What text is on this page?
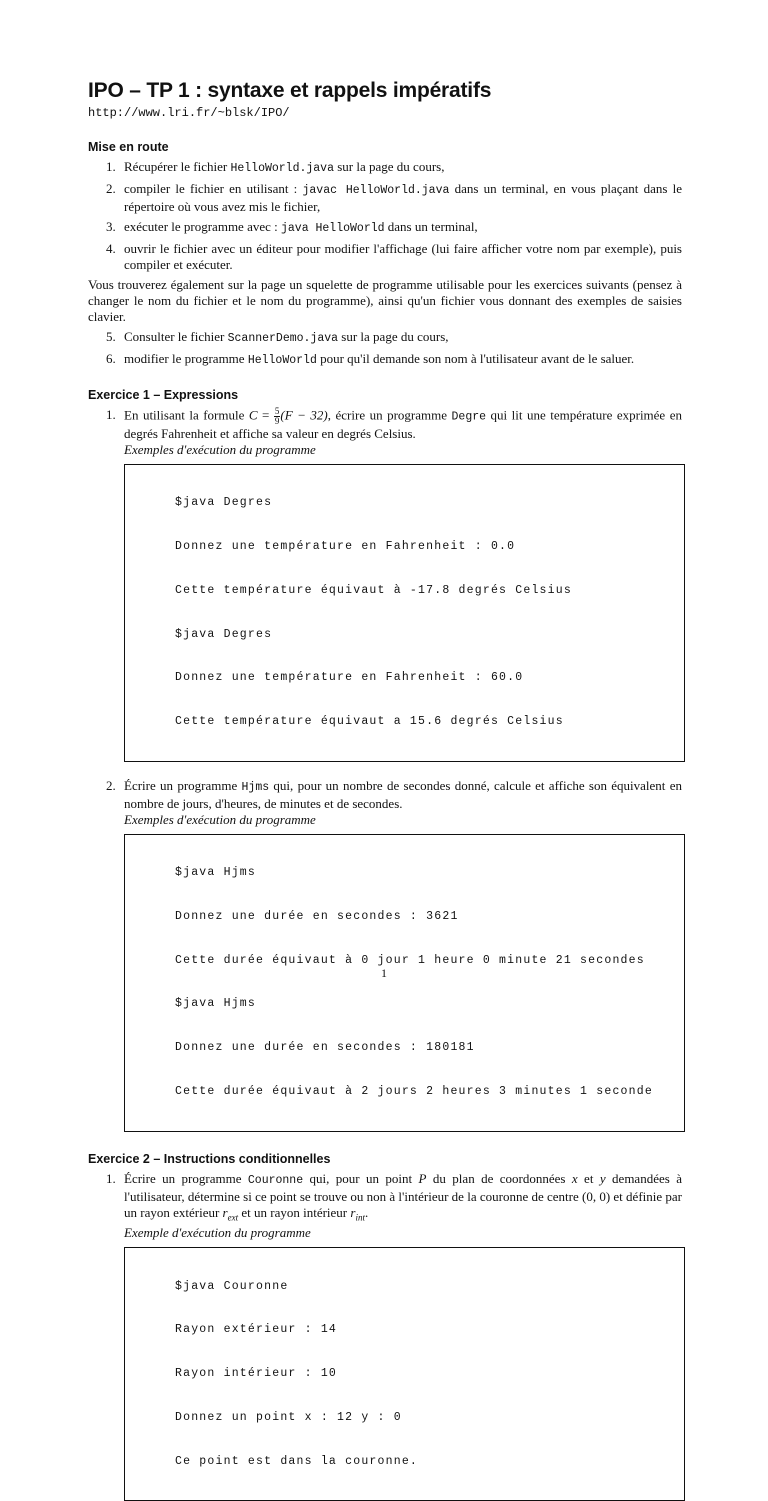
IPO – TP 1 : syntaxe et rappels impératifs
http://www.lri.fr/~blsk/IPO/
Mise en route
1. Récupérer le fichier HelloWorld.java sur la page du cours,
2. compiler le fichier en utilisant : javac HelloWorld.java dans un terminal, en vous plaçant dans le répertoire où vous avez mis le fichier,
3. exécuter le programme avec : java HelloWorld dans un terminal,
4. ouvrir le fichier avec un éditeur pour modifier l'affichage (lui faire afficher votre nom par exemple), puis compiler et exécuter.

Vous trouverez également sur la page un squelette de programme utilisable pour les exercices suivants (pensez à changer le nom du fichier et le nom du programme), ainsi qu'un fichier vous donnant des exemples de saisies clavier.

5. Consulter le fichier ScannerDemo.java sur la page du cours,
6. modifier le programme HelloWorld pour qu'il demande son nom à l'utilisateur avant de le saluer.
Exercice 1 – Expressions
1. En utilisant la formule $C = \frac{5}{9} (F - 32)$, écrire un programme Degre qui lit une température exprimée en degrés Fahrenheit et affiche sa valeur en degrés Celsius.
Exemples d'exécution du programme

$java Degres

Donnez une température en Fahrenheit : 0.0

Cette température équivaut à -17.8 degrés Celsius

$java Degres

Donnez une température en Fahrenheit : 60.0

Cette température équivaut a 15.6 degrés Celsius

2. Écrire un programme Hjms qui, pour un nombre de secondes donné, calcule et affiche son équivalent en nombre de jours, d'heures, de minutes et de secondes.
Exemples d'exécution du programme

$java Hjms

Donnez une durée en secondes : 3621

Cette durée équivaut à 0 jour 1 heure 0 minute 21 secondes

$java Hjms

Donnez une durée en secondes : 180181

Cette durée équivaut à 2 jours 2 heures 3 minutes 1 seconde

Exercice 2 – Instructions conditionnelles
1. Écrire un programme Couronne qui, pour un point P du plan de coordonnées x et y demandées à l'utilisateur, détermine si ce point se trouve ou non à l'intérieur de la couronne de centre (0, 0) et définie par un rayon extérieur $r_{ext}$ et un rayon intérieur $r_{int}$.
Exemple d'exécution du programme

$java Couronne

Rayon extérieur : 14

Rayon intérieur : 10

Donnez un point x : 12 y : 0

Ce point est dans la couronne.

1
